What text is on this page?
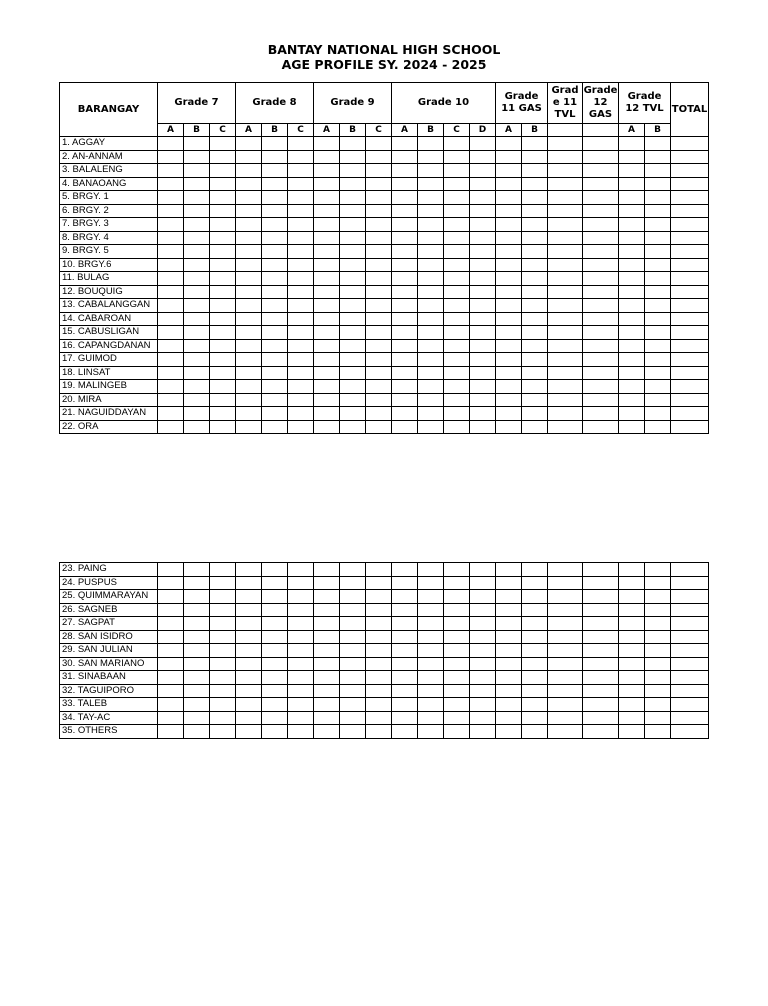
BANTAY NATIONAL HIGH SCHOOL
AGE PROFILE SY. 2024 - 2025
BARANGAY	Grade 7			Grade 8			Grade 9			Grade 10				Grade 11 GAS		Grad e 11 TVL	Grade 12 GAS	Grade 12 TVL		TOTAL
	A	B	C	A	B	C	A	B	C	A	B	C	D	A	B			A	B	
1. AGGAY																				
2. AN-ANNAM																				
3. BALALENG																				
4. BANAOANG																				
5. BRGY. 1																				
6. BRGY. 2																				
7. BRGY. 3																				
8. BRGY. 4																				
9. BRGY. 5																				
10. BRGY.6																				
11. BULAG																				
12. BOUQUIG																				
13. CABALANGGAN																				
14. CABAROAN																				
15. CABUSLIGAN																				
16. CAPANGDANAN																				
17. GUIMOD																				
18. LINSAT																				
19. MALINGEB																				
20. MIRA																				
21. NAGUIDDAYAN																				
22. ORA																				
23. PAING																				
24. PUSPUS																				
25. QUIMMARAYAN																				
26. SAGNEB																				
27. SAGPAT																				
28. SAN ISIDRO																				
29. SAN JULIAN																				
30. SAN MARIANO																				
31. SINABAAN																				
32. TAGUIPORO																				
33. TALEB																				
34. TAY-AC																				
35. OTHERS																				
